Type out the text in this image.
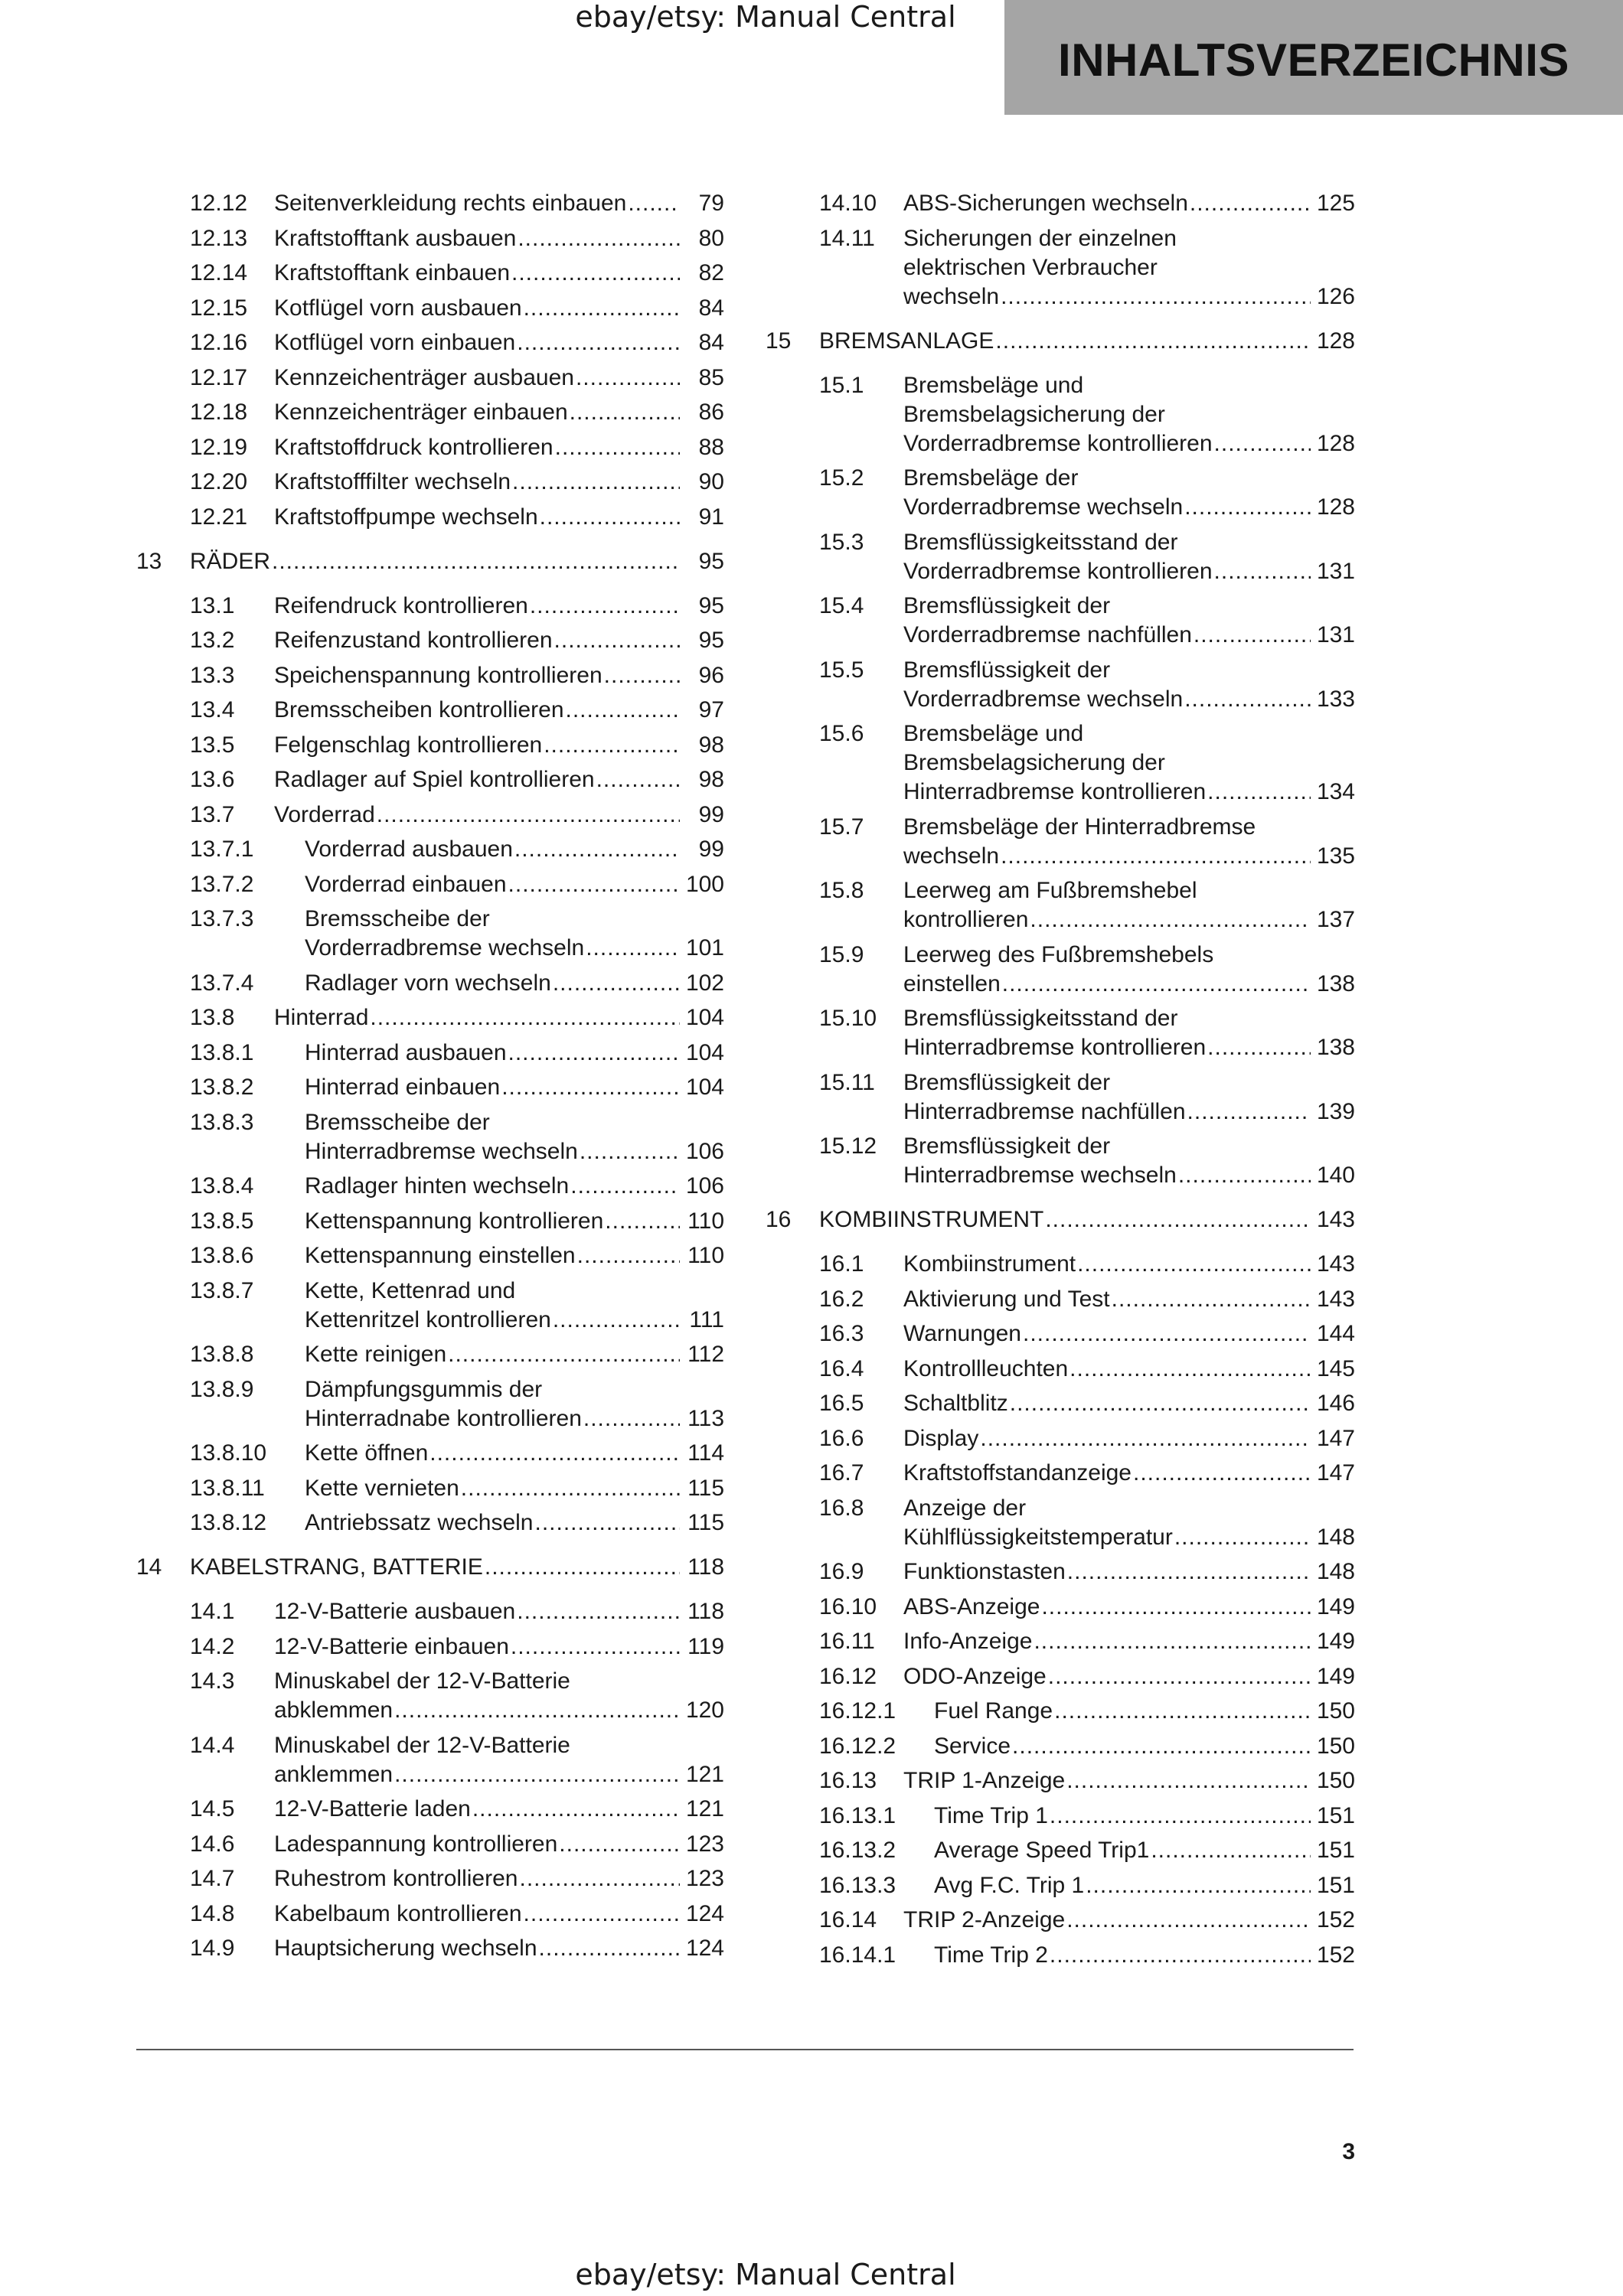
ebay/etsy: Manual Central
INHALTSVERZEICHNIS
12.12 Seitenverkleidung rechts einbauen .....	79
12.13 Kraftstofftank ausbauen .....	80
12.14 Kraftstofftank einbauen .....	82
12.15 Kotflügel vorn ausbauen .....	84
12.16 Kotflügel vorn einbauen .....	84
12.17 Kennzeichenträger ausbauen .....	85
12.18 Kennzeichenträger einbauen .....	86
12.19 Kraftstoffdruck kontrollieren .....	88
12.20 Kraftstofffilter wechseln .....	90
12.21 Kraftstoffpumpe wechseln .....	91
13 RÄDER .....	95
13.1 Reifendruck kontrollieren .....	95
13.2 Reifenzustand kontrollieren .....	95
13.3 Speichenspannung kontrollieren .....	96
13.4 Bremsscheiben kontrollieren .....	97
13.5 Felgenschlag kontrollieren .....	98
13.6 Radlager auf Spiel kontrollieren .....	98
13.7 Vorderrad .....	99
13.7.1 Vorderrad ausbauen .....	99
13.7.2 Vorderrad einbauen .....	100
13.7.3 Bremsscheibe der
Vorderradbremse wechseln .....	101
13.7.4 Radlager vorn wechseln .....	102
13.8 Hinterrad .....	104
13.8.1 Hinterrad ausbauen .....	104
13.8.2 Hinterrad einbauen .....	104
13.8.3 Bremsscheibe der
Hinterradbremse wechseln .....	106
13.8.4 Radlager hinten wechseln .....	106
13.8.5 Kettenspannung kontrollieren .....	110
13.8.6 Kettenspannung einstellen .....	110
13.8.7 Kette, Kettenrad und
Kettenritzel kontrollieren .....	111
13.8.8 Kette reinigen .....	112
13.8.9 Dämpfungsgummis der
Hinterradnabe kontrollieren .....	113
13.8.10 Kette öffnen .....	114
13.8.11 Kette vernieten .....	115
13.8.12 Antriebssatz wechseln .....	115
14 KABELSTRANG, BATTERIE .....	118
14.1 12-V-Batterie ausbauen .....	118
14.2 12-V-Batterie einbauen .....	119
14.3 Minuskabel der 12-V-Batterie
abklemmen .....	120
14.4 Minuskabel der 12-V-Batterie
anklemmen .....	121
14.5 12-V-Batterie laden .....	121
14.6 Ladespannung kontrollieren .....	123
14.7 Ruhestrom kontrollieren .....	123
14.8 Kabelbaum kontrollieren .....	124
14.9 Hauptsicherung wechseln .....	124
14.10 ABS-Sicherungen wechseln .....	125
14.11 Sicherungen der einzelnen
elektrischen Verbraucher
wechseln .....	126
15 BREMSANLAGE .....	128
15.1 Bremsbeläge und
Bremsbelagsicherung der
Vorderradbremse kontrollieren .....	128
15.2 Bremsbeläge der
Vorderradbremse wechseln .....	128
15.3 Bremsflüssigkeitsstand der
Vorderradbremse kontrollieren .....	131
15.4 Bremsflüssigkeit der
Vorderradbremse nachfüllen .....	131
15.5 Bremsflüssigkeit der
Vorderradbremse wechseln .....	133
15.6 Bremsbeläge und
Bremsbelagsicherung der
Hinterradbremse kontrollieren .....	134
15.7 Bremsbeläge der Hinterradbremse
wechseln .....	135
15.8 Leerweg am Fußbremshebel
kontrollieren .....	137
15.9 Leerweg des Fußbremshebels
einstellen .....	138
15.10 Bremsflüssigkeitsstand der
Hinterradbremse kontrollieren .....	138
15.11 Bremsflüssigkeit der
Hinterradbremse nachfüllen .....	139
15.12 Bremsflüssigkeit der
Hinterradbremse wechseln .....	140
16 KOMBIINSTRUMENT .....	143
16.1 Kombiinstrument .....	143
16.2 Aktivierung und Test .....	143
16.3 Warnungen .....	144
16.4 Kontrollleuchten .....	145
16.5 Schaltblitz .....	146
16.6 Display .....	147
16.7 Kraftstoffstandanzeige .....	147
16.8 Anzeige der
Kühlflüssigkeitstemperatur .....	148
16.9 Funktionstasten .....	148
16.10 ABS-Anzeige .....	149
16.11 Info-Anzeige .....	149
16.12 ODO-Anzeige .....	149
16.12.1 Fuel Range .....	150
16.12.2 Service .....	150
16.13 TRIP 1-Anzeige .....	150
16.13.1 Time Trip 1 .....	151
16.13.2 Average Speed Trip1 .....	151
16.13.3 Avg F.C. Trip 1 .....	151
16.14 TRIP 2-Anzeige .....	152
16.14.1 Time Trip 2 .....	152
3
ebay/etsy: Manual Central
